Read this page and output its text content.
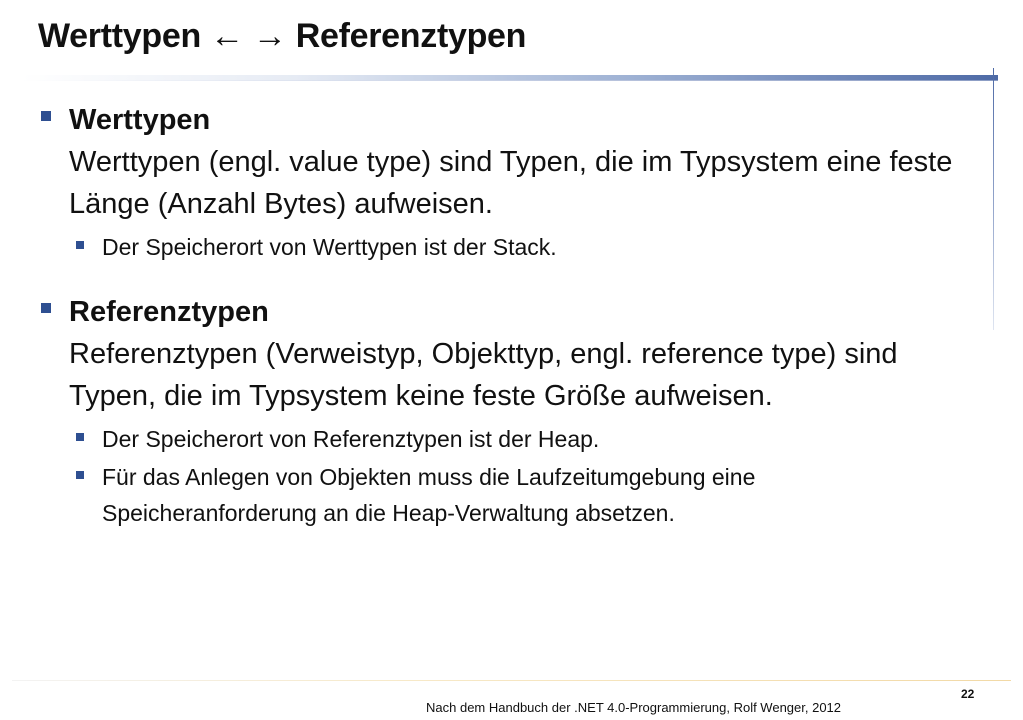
Werttypen ← → Referenztypen
Werttypen
Werttypen (engl. value type) sind Typen, die im Typsystem eine feste Länge (Anzahl Bytes) aufweisen.
Der Speicherort von Werttypen ist der Stack.
Referenztypen
Referenztypen (Verweistyp, Objekttyp, engl. reference type) sind Typen, die im Typsystem keine feste Größe aufweisen.
Der Speicherort von Referenztypen ist der Heap.
Für das Anlegen von Objekten muss die Laufzeitumgebung eine Speicheranforderung an die Heap-Verwaltung absetzen.
22
Nach dem Handbuch der .NET 4.0-Programmierung, Rolf Wenger, 2012
